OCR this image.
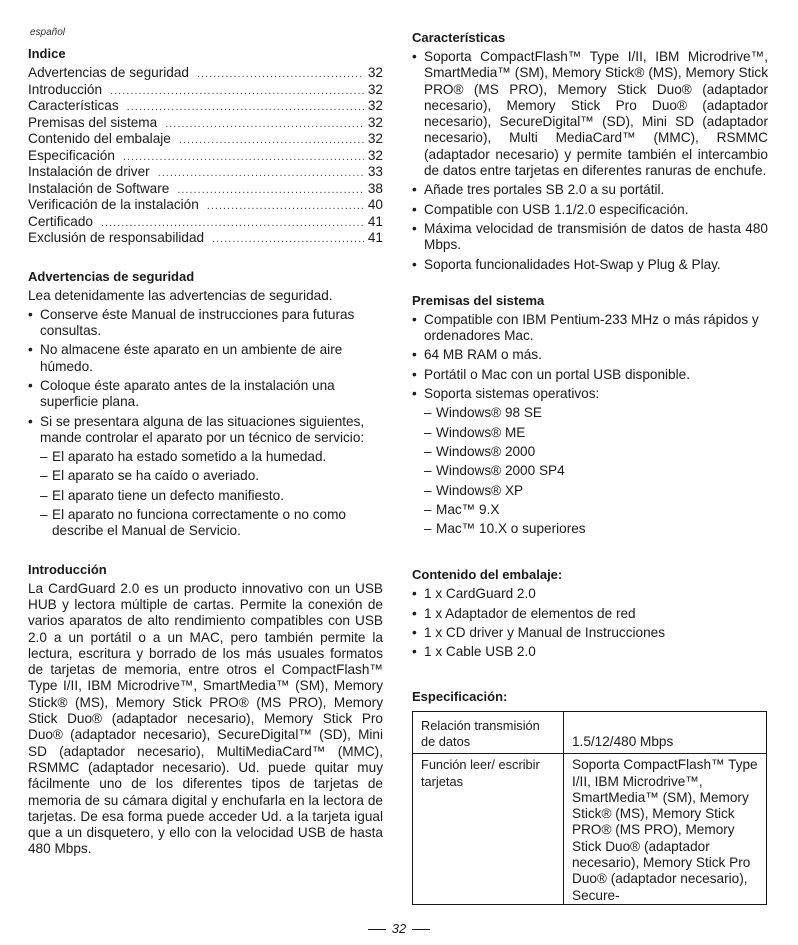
español
Indice
Advertencias de seguridad .....	32
Introducción .....	32
Características .....	32
Premisas del sistema .....	32
Contenido del embalaje .....	32
Especificación .....	32
Instalación de driver .....	33
Instalación de Software .....	38
Verificación de la instalación .....	40
Certificado .....	41
Exclusión de responsabilidad .....	41
Advertencias de seguridad

Lea detenidamente las advertencias de seguridad.

• Conserve éste Manual de instrucciones para futuras consultas.
• No almacene éste aparato en un ambiente de aire húmedo.
• Coloque éste aparato antes de la instalación una superficie plana.
• Si se presentara alguna de las situaciones siguientes, mande controlar el aparato por un técnico de servicio:
– El aparato ha estado sometido a la humedad.
– El aparato se ha caído o averiado.
– El aparato tiene un defecto manifiesto.
– El aparato no funciona correctamente o no como describe el Manual de Servicio.
Introducción

La CardGuard 2.0 es un producto innovativo con un USB HUB y lectora múltiple de cartas. Permite la conexión de varios aparatos de alto rendimiento compatibles con USB 2.0 a un portátil o a un MAC, pero también permite la lectura, escritura y borrado de los más usuales formatos de tarjetas de memoria, entre otros el CompactFlash™ Type I/II, IBM Microdrive™, SmartMedia™ (SM), Memory Stick® (MS), Memory Stick PRO® (MS PRO), Memory Stick Duo® (adaptador necesario), Memory Stick Pro Duo® (adaptador necesario), SecureDigital™ (SD), Mini SD (adaptador necesario), MultiMediaCard™ (MMC), RSMMC (adaptador necesario). Ud. puede quitar muy fácilmente uno de los diferentes tipos de tarjetas de memoria de su cámara digital y enchufarla en la lectora de tarjetas. De esa forma puede acceder Ud. a la tarjeta igual que a un disquetero, y ello con la velocidad USB de hasta 480 Mbps.

Características
• Soporta CompactFlash™ Type I/II, IBM Microdrive™, SmartMedia™ (SM), Memory Stick® (MS), Memory Stick PRO® (MS PRO), Memory Stick Duo® (adaptador necesario), Memory Stick Pro Duo® (adaptador necesario), SecureDigital™ (SD), Mini SD (adaptador necesario), Multi MediaCard™ (MMC), RSMMC (adaptador necesario) y permite también el intercambio de datos entre tarjetas en diferentes ranuras de enchufe.
• Añade tres portales SB 2.0 a su portátil.
• Compatible con USB 1.1/2.0 especificación.
• Máxima velocidad de transmisión de datos de hasta 480 Mbps.
• Soporta funcionalidades Hot-Swap y Plug & Play.
Premisas del sistema
• Compatible con IBM Pentium-233 MHz o más rápidos y ordenadores Mac.
• 64 MB RAM o más.
• Portátil o Mac con un portal USB disponible.
• Soporta sistemas operativos:
– Windows® 98 SE
– Windows® ME
– Windows® 2000
– Windows® 2000 SP4
– Windows® XP
– Mac™ 9.X
– Mac™ 10.X o superiores
Contenido del embalaje:
• 1 x CardGuard 2.0
• 1 x Adaptador de elementos de red
• 1 x CD driver y Manual de Instrucciones
• 1 x Cable USB 2.0
Especificación:
Relación transmisión de datos	1.5/12/480 Mbps
Función leer/ escribir tarjetas	Soporta CompactFlash™ Type I/II, IBM Microdrive™, SmartMedia™ (SM), Memory Stick® (MS), Memory Stick PRO® (MS PRO), Memory Stick Duo® (adaptador necesario), Memory Stick Pro Duo® (adaptador necesario), Secure-
32
